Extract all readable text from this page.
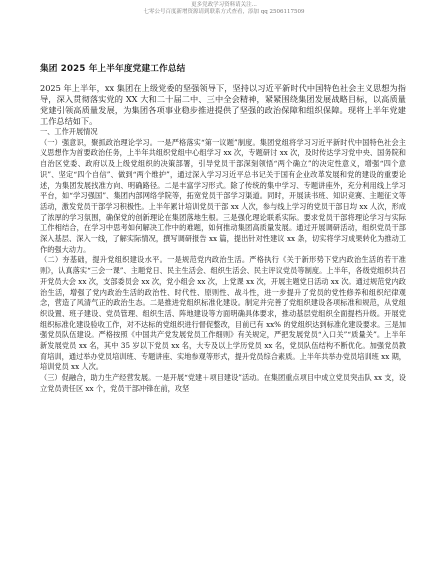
更多党政学习资料请关注...
七零公号百度新增资源请到联系方式查看，添加 qq 2506117509
集团 2025 年上半年度党建工作总结

2025 年上半年，xx 集团在上级党委的坚强领导下，坚持以习近平新时代中国特色社会主义思想为指导，深入贯彻落实党的 XX 大和二十届二中、三中全会精神，紧紧围绕集团发展战略目标，以高质量党建引领高质量发展，为集团各项事业稳步推进提供了坚强的政治保障和组织保障。现将上半年党建工作总结如下。

一、工作开展情况

（一）强意识，聚抓政治理论学习。一是严格落实“第一议题”制度。集团党组将学习习近平新时代中国特色社会主义思想作为首要政治任务，上半年共组织党组中心组学习 xx 次，专题研讨 xx 次，及时传达学习党中央、国务院和自治区党委、政府以及上级党组织的决策部署，引导党员干部深刻领悟“两个确立”的决定性意义，增强“四个意识”、坚定“四个自信”、做到“两个维护”，通过深入学习习近平总书记关于国有企业改革发展和党的建设的重要论述，为集团发展找准方向、明确路径。二是丰富学习形式。除了传统的集中学习、专题讲座外，充分利用线上学习平台，如“学习强国”、集团内部网络学院等，拓宽党员干部学习渠道。同时，开展读书班、知识竞赛、主题征文等活动，激发党员干部学习积极性。上半年累计培训党员干部 xx 人次，参与线上学习的党员干部日均 xx 人次，形成了浓厚的学习氛围，确保党的创新理论在集团落地生根。三是强化理论联系实际。要求党员干部将理论学习与实际工作相结合，在学习中思考如何解决工作中的难题，如何推动集团高质量发展。通过开展调研活动，组织党员干部深入基层、深入一线，了解实际情况，撰写调研报告 xx 篇，提出针对性建议 xx 条，切实将学习成果转化为推动工作的强大动力。

（二）夯基础，提升党组织建设水平。一是规范党内政治生活。严格执行《关于新形势下党内政治生活的若干准则》，认真落实“三会一课”、主题党日、民主生活会、组织生活会、民主评议党员等制度。上半年，各级党组织共召开党员大会 xx 次，支部委员会 xx 次，党小组会 xx 次，上党课 xx 次，开展主题党日活动 xx 次。通过规范党内政治生活，增强了党内政治生活的政治性、时代性、原则性、战斗性，进一步提升了党员的党性修养和组织纪律观念，营造了风清气正的政治生态。二是推进党组织标准化建设。制定并完善了党组织建设各项标准和规范，从党组织设置、班子建设、党员管理、组织生活、阵地建设等方面明确具体要求，推动基层党组织全面提档升级。开展党组织标准化建设验收工作，对不达标的党组织进行督促整改，目前已有 xx% 的党组织达到标准化建设要求。三是加强党员队伍建设。严格按照《中国共产党发展党员工作细则》有关规定，严把发展党员“入口关”“质量关”。上半年新发展党员 xx 名，其中 35 岁以下党员 xx 名，大专及以上学历党员 xx 名，党员队伍结构不断优化。加强党员教育培训，通过举办党员培训班、专题讲座、实地参观等形式，提升党员综合素质。上半年共举办党员培训班 xx 期，培训党员 xx 人次。

（三）促融合，助力生产经营发展。一是开展“党建＋项目建设”活动。在集团重点项目中成立党员突击队 xx 支，设立党员责任区 xx 个，党员干部冲锋在前，攻坚
